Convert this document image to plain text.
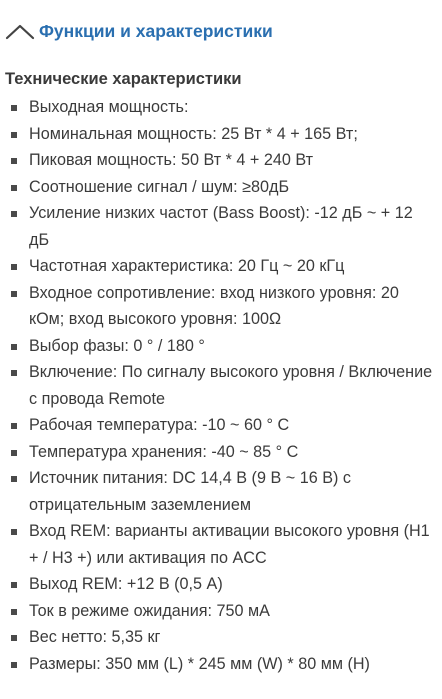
Функции и характеристики
Технические характеристики
Выходная мощность:
Номинальная мощность: 25 Вт * 4 + 165 Вт;
Пиковая мощность: 50 Вт * 4 + 240 Вт
Соотношение сигнал / шум: ≥80дБ
Усиление низких частот (Bass Boost): -12 дБ ~ + 12 дБ
Частотная характеристика: 20 Гц ~ 20 кГц
Входное сопротивление: вход низкого уровня: 20 кОм; вход высокого уровня: 100Ω
Выбор фазы: 0 ° / 180 °
Включение: По сигналу высокого уровня / Включение с провода Remote
Рабочая температура: -10 ~ 60 ° С
Температура хранения: -40 ~ 85 ° С
Источник питания: DC 14,4 В (9 В ~ 16 В) с отрицательным заземлением
Вход REM: варианты активации высокого уровня (H1 + / H3 +) или активация по ACC
Выход REM: +12 В (0,5 А)
Ток в режиме ожидания: 750 мА
Вес нетто: 5,35 кг
Размеры: 350 мм (L) * 245 мм (W) * 80 мм (H)
